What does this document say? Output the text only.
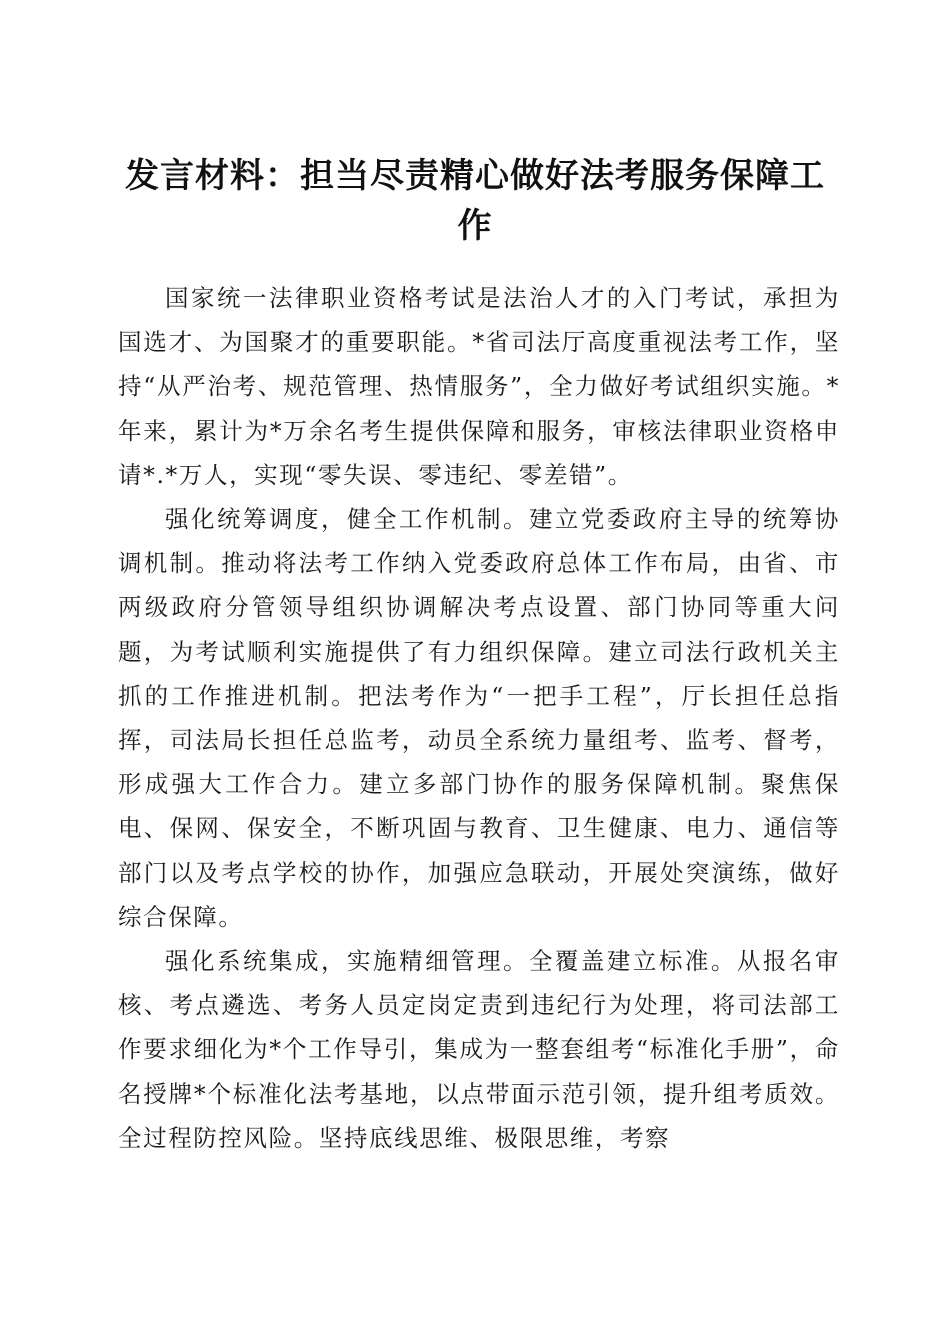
发言材料：担当尽责精心做好法考服务保障工作

国家统一法律职业资格考试是法治人才的入门考试，承担为国选才、为国聚才的重要职能。*省司法厅高度重视法考工作，坚持“从严治考、规范管理、热情服务”，全力做好考试组织实施。*年来，累计为*万余名考生提供保障和服务，审核法律职业资格申请*.*万人，实现“零失误、零违纪、零差错”。

强化统筹调度，健全工作机制。建立党委政府主导的统筹协调机制。推动将法考工作纳入党委政府总体工作布局，由省、市两级政府分管领导组织协调解决考点设置、部门协同等重大问题，为考试顺利实施提供了有力组织保障。建立司法行政机关主抓的工作推进机制。把法考作为“一把手工程”，厅长担任总指挥，司法局长担任总监考，动员全系统力量组考、监考、督考，形成强大工作合力。建立多部门协作的服务保障机制。聚焦保电、保网、保安全，不断巩固与教育、卫生健康、电力、通信等部门以及考点学校的协作，加强应急联动，开展处突演练，做好综合保障。

强化系统集成，实施精细管理。全覆盖建立标准。从报名审核、考点遴选、考务人员定岗定责到违纪行为处理，将司法部工作要求细化为*个工作导引，集成为一整套组考“标准化手册”，命名授牌*个标准化法考基地，以点带面示范引领，提升组考质效。全过程防控风险。坚持底线思维、极限思维，考察
